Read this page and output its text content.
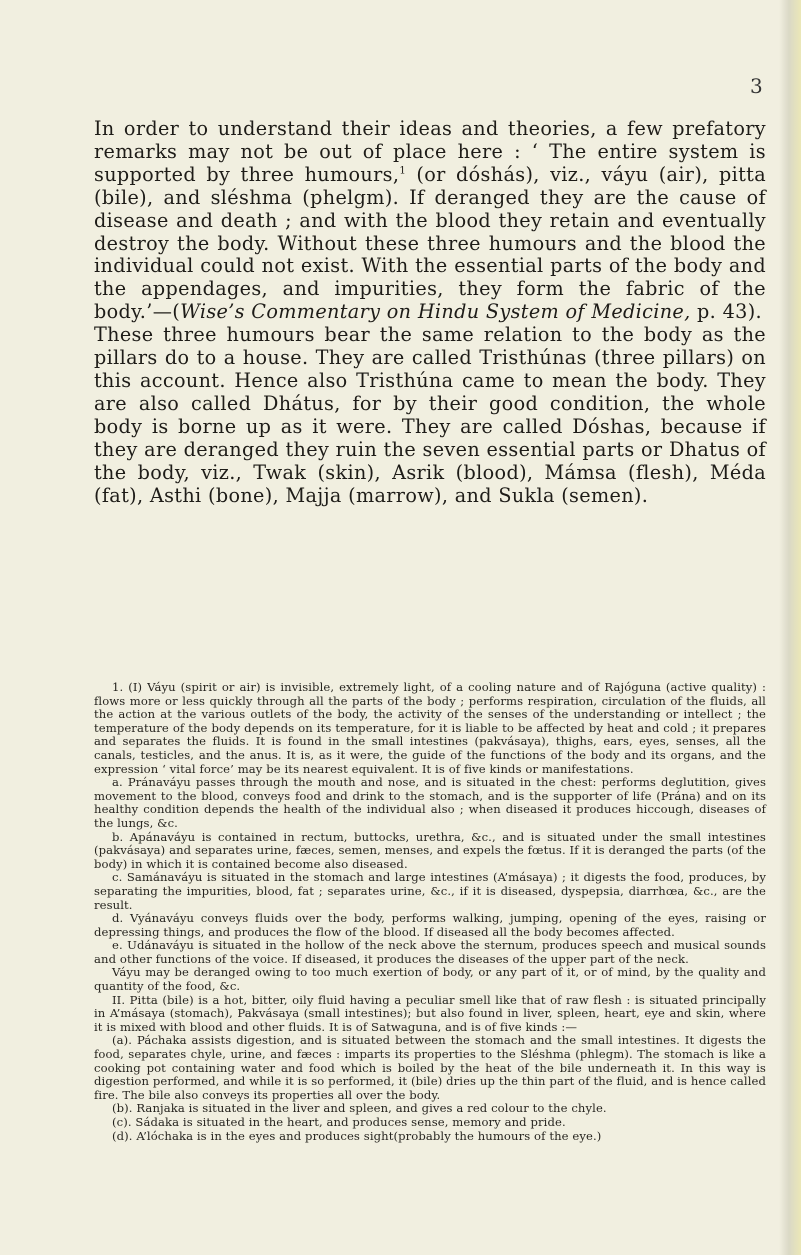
3

In order to understand their ideas and theories, a few prefatory remarks may not be out of place here : ‘ The entire system is supported by three humours,$^1$ (or dóshás), viz., váyu (air), pitta (bile), and sléshma (phelgm). If deranged they are the cause of disease and death ; and with the blood they retain and eventually destroy the body. Without these three humours and the blood the individual could not exist. With the essential parts of the body and the appendages, and impurities, they form the fabric of the body.’—(Wise’s Commentary on Hindu System of Medicine, p. 43).

These three humours bear the same relation to the body as the pillars do to a house. They are called Tristhúnas (three pillars) on this account. Hence also Tristhúna came to mean the body. They are also called Dhátus, for by their good condition, the whole body is borne up as it were. They are called Dóshas, because if they are deranged they ruin the seven essential parts or Dhatus of the body, viz., Twak (skin), Asrik (blood), Mámsa (flesh), Méda (fat), Asthi (bone), Majja (marrow), and Sukla (semen).

1. (I) Váyu (spirit or air) is invisible, extremely light, of a cooling nature and of Rajóguna (active quality) : flows more or less quickly through all the parts of the body ; performs respiration, circulation of the fluids, all the action at the various outlets of the body, the activity of the senses of the understanding or intellect ; the temperature of the body depends on its temperature, for it is liable to be affected by heat and cold ; it prepares and separates the fluids. It is found in the small intestines (pakvásaya), thighs, ears, eyes, senses, all the canals, testicles, and the anus. It is, as it were, the guide of the functions of the body and its organs, and the expression ‘ vital force’ may be its nearest equivalent. It is of five kinds or manifestations.

a. Pránaváyu passes through the mouth and nose, and is situated in the chest: performs deglutition, gives movement to the blood, conveys food and drink to the stomach, and is the supporter of life (Prána) and on its healthy condition depends the health of the individual also ; when diseased it produces hiccough, diseases of the lungs, &c.

b. Apánaváyu is contained in rectum, buttocks, urethra, &c., and is situated under the small intestines (pakvásaya) and separates urine, fæces, semen, menses, and expels the fœtus. If it is deranged the parts (of the body) in which it is contained become also diseased.

c. Samánaváyu is situated in the stomach and large intestines (A’másaya) ; it digests the food, produces, by separating the impurities, blood, fat ; separates urine, &c., if it is diseased, dyspepsia, diarrhœa, &c., are the result.

d. Vyánaváyu conveys fluids over the body, performs walking, jumping, opening of the eyes, raising or depressing things, and produces the flow of the blood. If diseased all the body becomes affected.

e. Udánaváyu is situated in the hollow of the neck above the sternum, produces speech and musical sounds and other functions of the voice. If diseased, it produces the diseases of the upper part of the neck.

Váyu may be deranged owing to too much exertion of body, or any part of it, or of mind, by the quality and quantity of the food, &c.

II. Pitta (bile) is a hot, bitter, oily fluid having a peculiar smell like that of raw flesh : is situated principally in A’másaya (stomach), Pakvásaya (small intestines); but also found in liver, spleen, heart, eye and skin, where it is mixed with blood and other fluids. It is of Satwaguna, and is of five kinds :—

(a). Páchaka assists digestion, and is situated between the stomach and the small intestines. It digests the food, separates chyle, urine, and fæces : imparts its properties to the Sléshma (phlegm). The stomach is like a cooking pot containing water and food which is boiled by the heat of the bile underneath it. In this way is digestion performed, and while it is so performed, it (bile) dries up the thin part of the fluid, and is hence called fire. The bile also conveys its properties all over the body.

(b). Ranjaka is situated in the liver and spleen, and gives a red colour to the chyle.

(c). Sádaka is situated in the heart, and produces sense, memory and pride.

(d). A’lóchaka is in the eyes and produces sight(probably the humours of the eye.)
